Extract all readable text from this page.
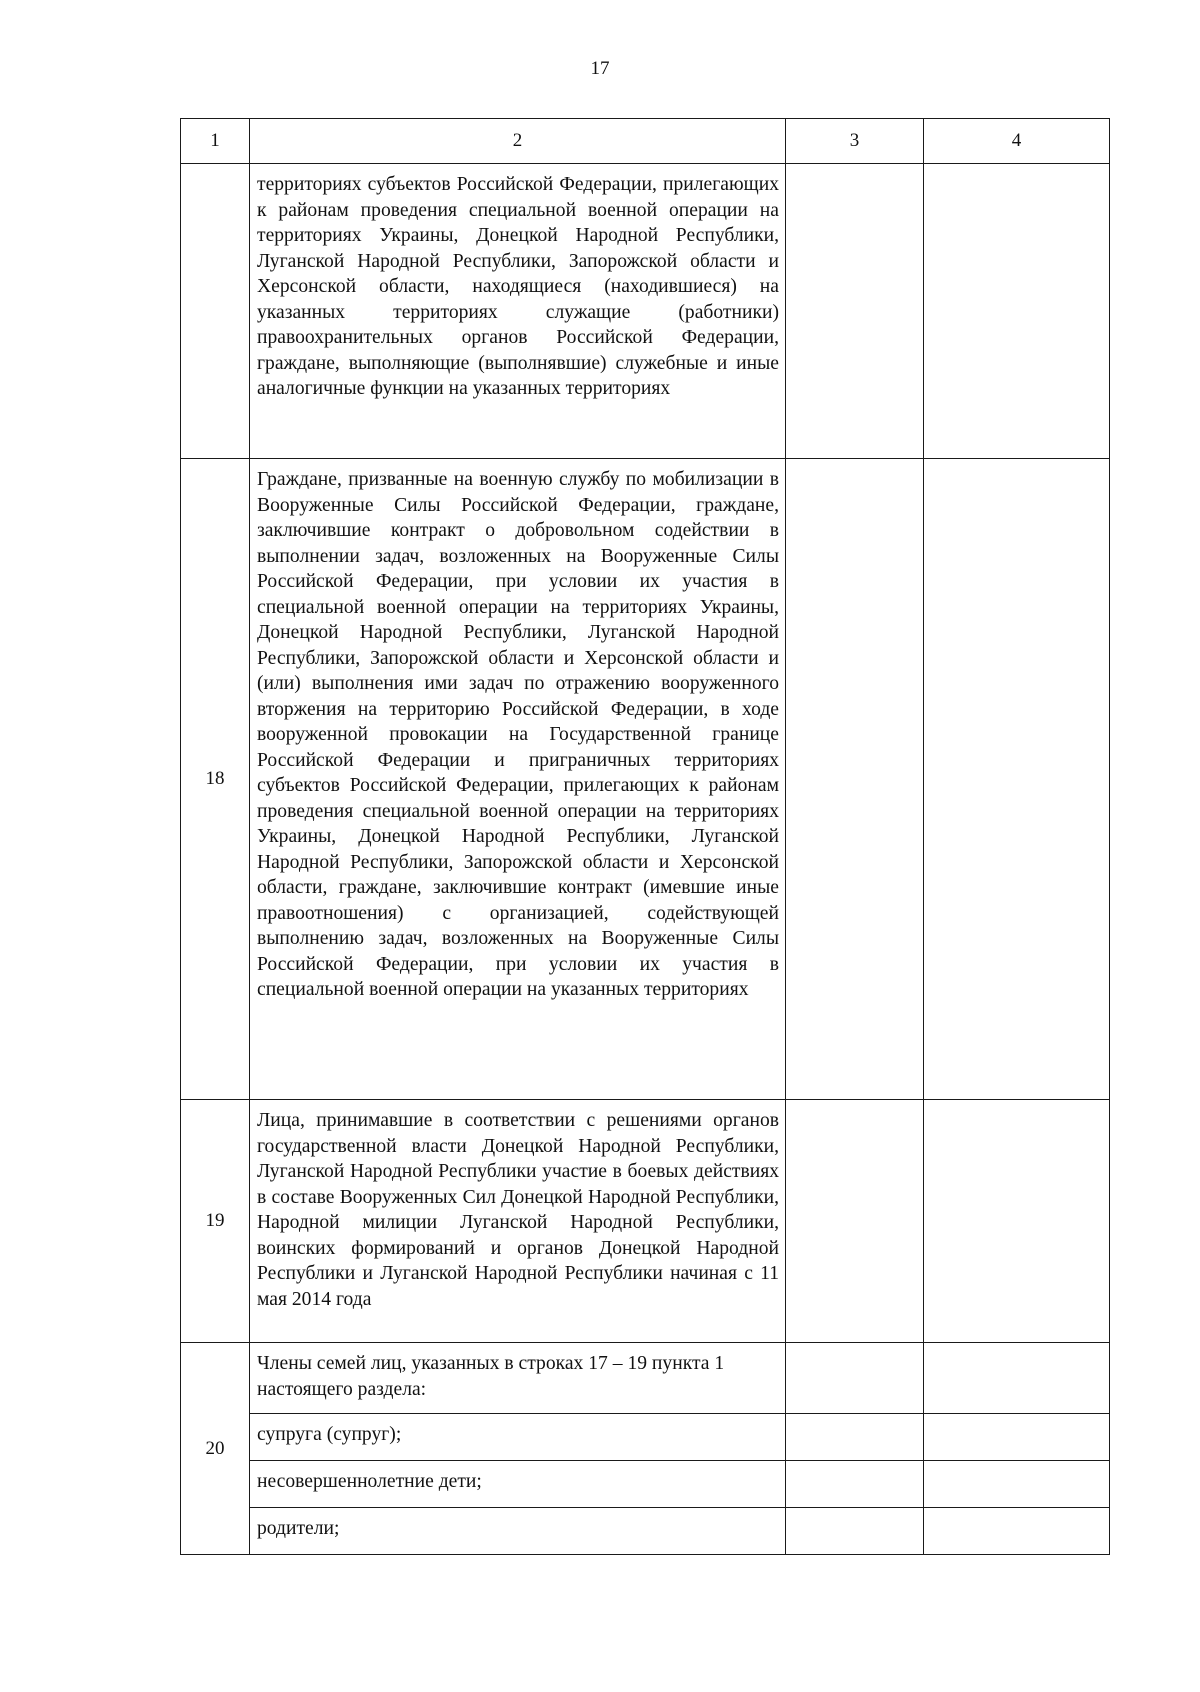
17
1	2	3	4
	территориях субъектов Российской Федерации, прилегающих к районам проведения специальной военной операции на территориях Украины, Донецкой Народной Республики, Луганской Народной Республики, Запорожской области и Херсонской области, находящиеся (находившиеся) на указанных территориях служащие (работники) правоохранительных органов Российской Федерации, граждане, выполняющие (выполнявшие) служебные и иные аналогичные функции на указанных территориях		
18	Граждане, призванные на военную службу по мобилизации в Вооруженные Силы Российской Федерации, граждане, заключившие контракт о добровольном содействии в выполнении задач, возложенных на Вооруженные Силы Российской Федерации, при условии их участия в специальной военной операции на территориях Украины, Донецкой Народной Республики, Луганской Народной Республики, Запорожской области и Херсонской области и (или) выполнения ими задач по отражению вооруженного вторжения на территорию Российской Федерации, в ходе вооруженной провокации на Государственной границе Российской Федерации и приграничных территориях субъектов Российской Федерации, прилегающих к районам проведения специальной военной операции на территориях Украины, Донецкой Народной Республики, Луганской Народной Республики, Запорожской области и Херсонской области, граждане, заключившие контракт (имевшие иные правоотношения) с организацией, содействующей выполнению задач, возложенных на Вооруженные Силы Российской Федерации, при условии их участия в специальной военной операции на указанных территориях		
19	Лица, принимавшие в соответствии с решениями органов государственной власти Донецкой Народной Республики, Луганской Народной Республики участие в боевых действиях в составе Вооруженных Сил Донецкой Народной Республики, Народной милиции Луганской Народной Республики, воинских формирований и органов Донецкой Народной Республики и Луганской Народной Республики начиная с 11 мая 2014 года		
20	Члены семей лиц, указанных в строках 17 – 19 пункта 1 настоящего раздела:		
	супруга (супруг);		
	несовершеннолетние дети;		
	родители;		
